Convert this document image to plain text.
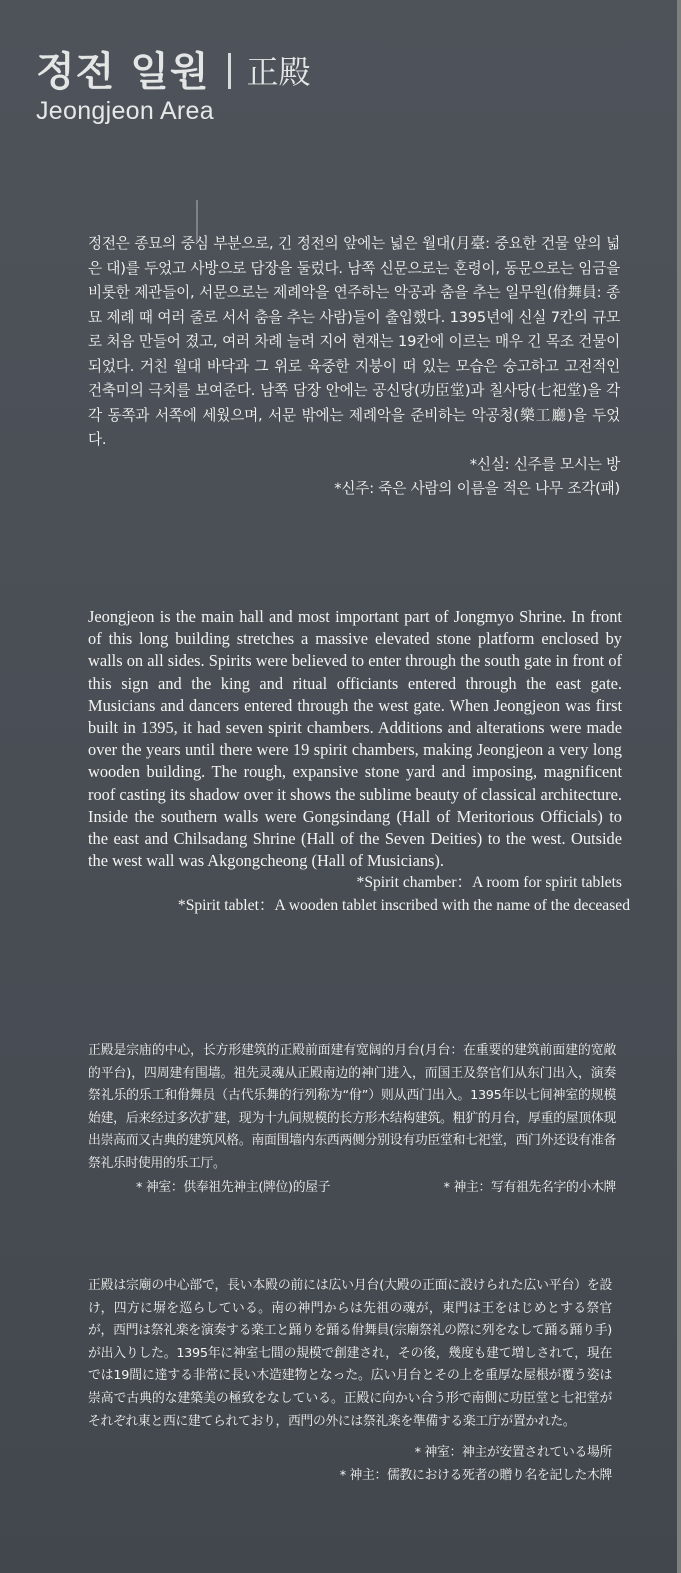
정전 일원 正殿
Jeongjeon Area

정전은 종묘의 중심 부분으로, 긴 정전의 앞에는 넓은 월대(月臺: 중요한 건물 앞의 넓은 대)를 두었고 사방으로 담장을 둘렀다. 남쪽 신문으로는 혼령이, 동문으로는 임금을 비롯한 제관들이, 서문으로는 제례악을 연주하는 악공과 춤을 추는 일무원(佾舞員: 종묘 제례 때 여러 줄로 서서 춤을 추는 사람)들이 출입했다. 1395년에 신실 7칸의 규모로 처음 만들어 졌고, 여러 차례 늘려 지어 현재는 19칸에 이르는 매우 긴 목조 건물이 되었다. 거친 월대 바닥과 그 위로 육중한 지붕이 떠 있는 모습은 숭고하고 고전적인 건축미의 극치를 보여준다. 남쪽 담장 안에는 공신당(功臣堂)과 칠사당(七祀堂)을 각각 동쪽과 서쪽에 세웠으며, 서문 밖에는 제례악을 준비하는 악공청(樂工廳)을 두었다.

*신실: 신주를 모시는 방
*신주: 죽은 사람의 이름을 적은 나무 조각(패)

Jeongjeon is the main hall and most important part of Jongmyo Shrine. In front of this long building stretches a massive elevated stone platform enclosed by walls on all sides. Spirits were believed to enter through the south gate in front of this sign and the king and ritual officiants entered through the east gate. Musicians and dancers entered through the west gate. When Jeongjeon was first built in 1395, it had seven spirit chambers. Additions and alterations were made over the years until there were 19 spirit chambers, making Jeongjeon a very long wooden building. The rough, expansive stone yard and imposing, magnificent roof casting its shadow over it shows the sublime beauty of classical architecture. Inside the southern walls were Gongsindang (Hall of Meritorious Officials) to the east and Chilsadang Shrine (Hall of the Seven Deities) to the west. Outside the west wall was Akgongcheong (Hall of Musicians).

*Spirit chamber：A room for spirit tablets
*Spirit tablet：A wooden tablet inscribed with the name of the deceased

正殿是宗庙的中心，长方形建筑的正殿前面建有宽阔的月台(月台：在重要的建筑前面建的宽敞的平台)，四周建有围墙。祖先灵魂从正殿南边的神门进入，而国王及祭官们从东门出入，演奏祭礼乐的乐工和佾舞员（古代乐舞的行列称为“佾”）则从西门出入。1395年以七间神室的规模始建，后来经过多次扩建，现为十九间规模的长方形木结构建筑。粗犷的月台，厚重的屋顶体现出崇高而又古典的建筑风格。南面围墙内东西两侧分别设有功臣堂和七祀堂，西门外还设有准备祭礼乐时使用的乐工厅。

* 神室：供奉祖先神主(牌位)的屋子	* 神主：写有祖先名字的小木牌

正殿は宗廟の中心部で，長い本殿の前には広い月台(大殿の正面に設けられた広い平台）を設け，四方に塀を巡らしている。南の神門からは先祖の魂が，東門は王をはじめとする祭官が，西門は祭礼楽を演奏する楽工と踊りを踊る佾舞員(宗廟祭礼の際に列をなして踊る踊り手)が出入りした。1395年に神室七間の規模で創建され，その後，幾度も建て増しされて，現在では19間に達する非常に長い木造建物となった。広い月台とその上を重厚な屋根が覆う姿は崇高で古典的な建築美の極致をなしている。正殿に向かい合う形で南側に功臣堂と七祀堂がそれぞれ東と西に建てられており，西門の外には祭礼楽を準備する楽工庁が置かれた。

* 神室：神主が安置されている場所
* 神主：儒教における死者の贈り名を記した木牌
